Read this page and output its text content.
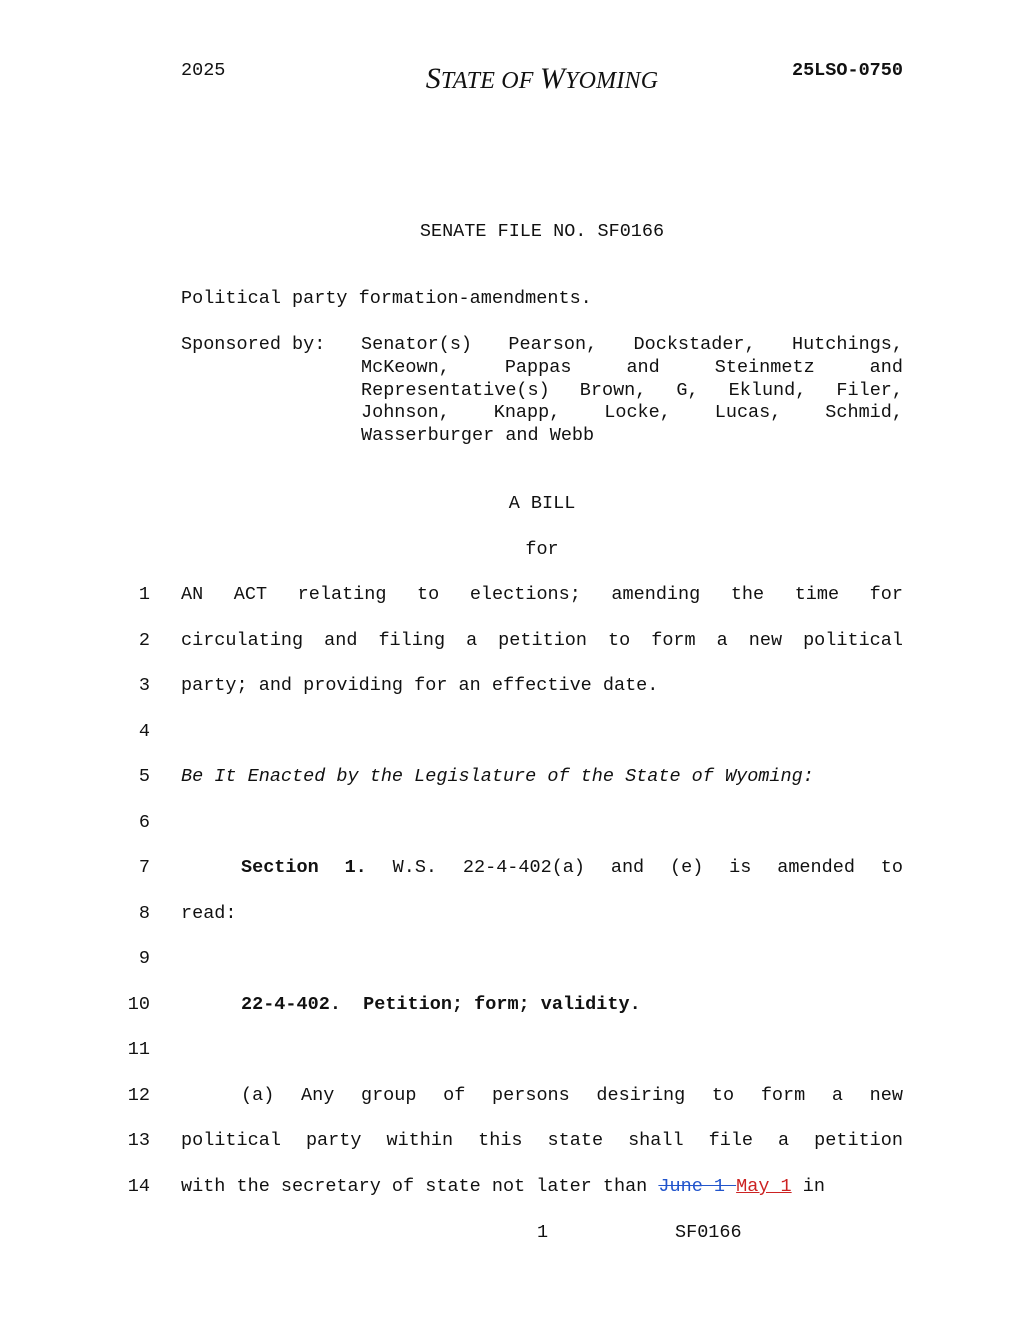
2025	STATE OF WYOMING	25LSO-0750
SENATE FILE NO. SF0166
Political party formation-amendments.
Sponsored by: Senator(s) Pearson, Dockstader, Hutchings,
McKeown, Pappas and Steinmetz and
Representative(s) Brown, G, Eklund, Filer,
Johnson, Knapp, Locke, Lucas, Schmid,
Wasserburger and Webb
A BILL
for
1 AN ACT relating to elections; amending the time for
2 circulating and filing a petition to form a new political
3 party; and providing for an effective date.
4
5 Be It Enacted by the Legislature of the State of Wyoming:
6
7	Section 1. W.S. 22-4-402(a) and (e) is amended to
8 read:
9
10	22-4-402.  Petition; form; validity.
11
12	(a) Any group of persons desiring to form a new
13 political party within this state shall file a petition
14 with the secretary of state not later than June 1 May 1 in
1	SF0166
